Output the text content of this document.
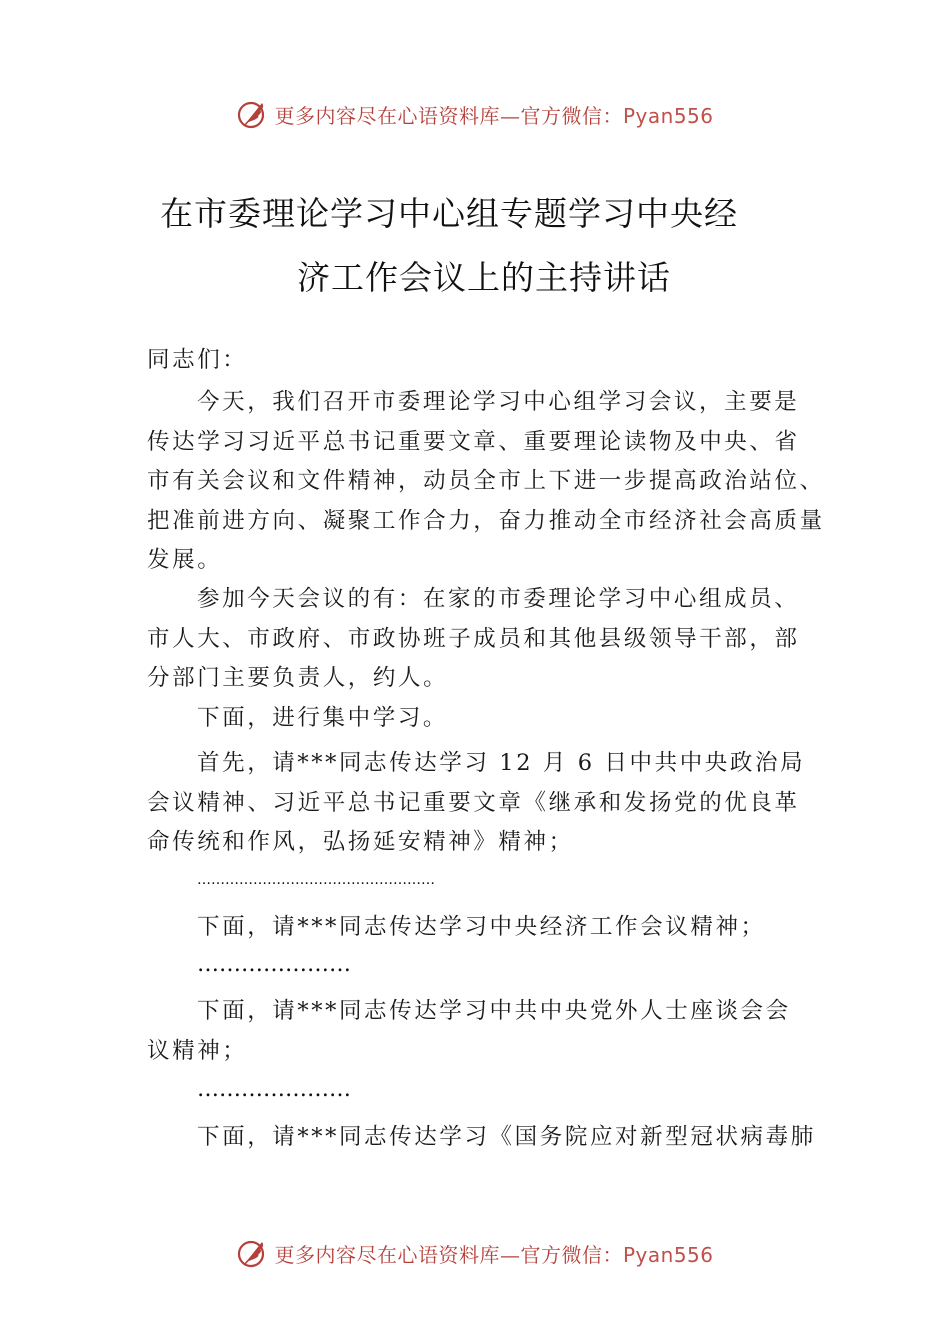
更多内容尽在心语资料库—官方微信：Pyan556
在市委理论学习中心组专题学习中央经
济工作会议上的主持讲话
同志们：
今天，我们召开市委理论学习中心组学习会议，主要是
传达学习习近平总书记重要文章、重要理论读物及中央、省
市有关会议和文件精神，动员全市上下进一步提高政治站位、
把准前进方向、凝聚工作合力，奋力推动全市经济社会高质量
发展。
参加今天会议的有：在家的市委理论学习中心组成员、
市人大、市政府、市政协班子成员和其他县级领导干部，部
分部门主要负责人，约人。
下面，进行集中学习。
首先，请***同志传达学习 12 月 6 日中共中央政治局
会议精神、习近平总书记重要文章《继承和发扬党的优良革
命传统和作风，弘扬延安精神》精神；
……………………………………………
下面，请***同志传达学习中央经济工作会议精神；
…………………
下面，请***同志传达学习中共中央党外人士座谈会会
议精神；
…………………
下面，请***同志传达学习《国务院应对新型冠状病毒肺
更多内容尽在心语资料库—官方微信：Pyan556
